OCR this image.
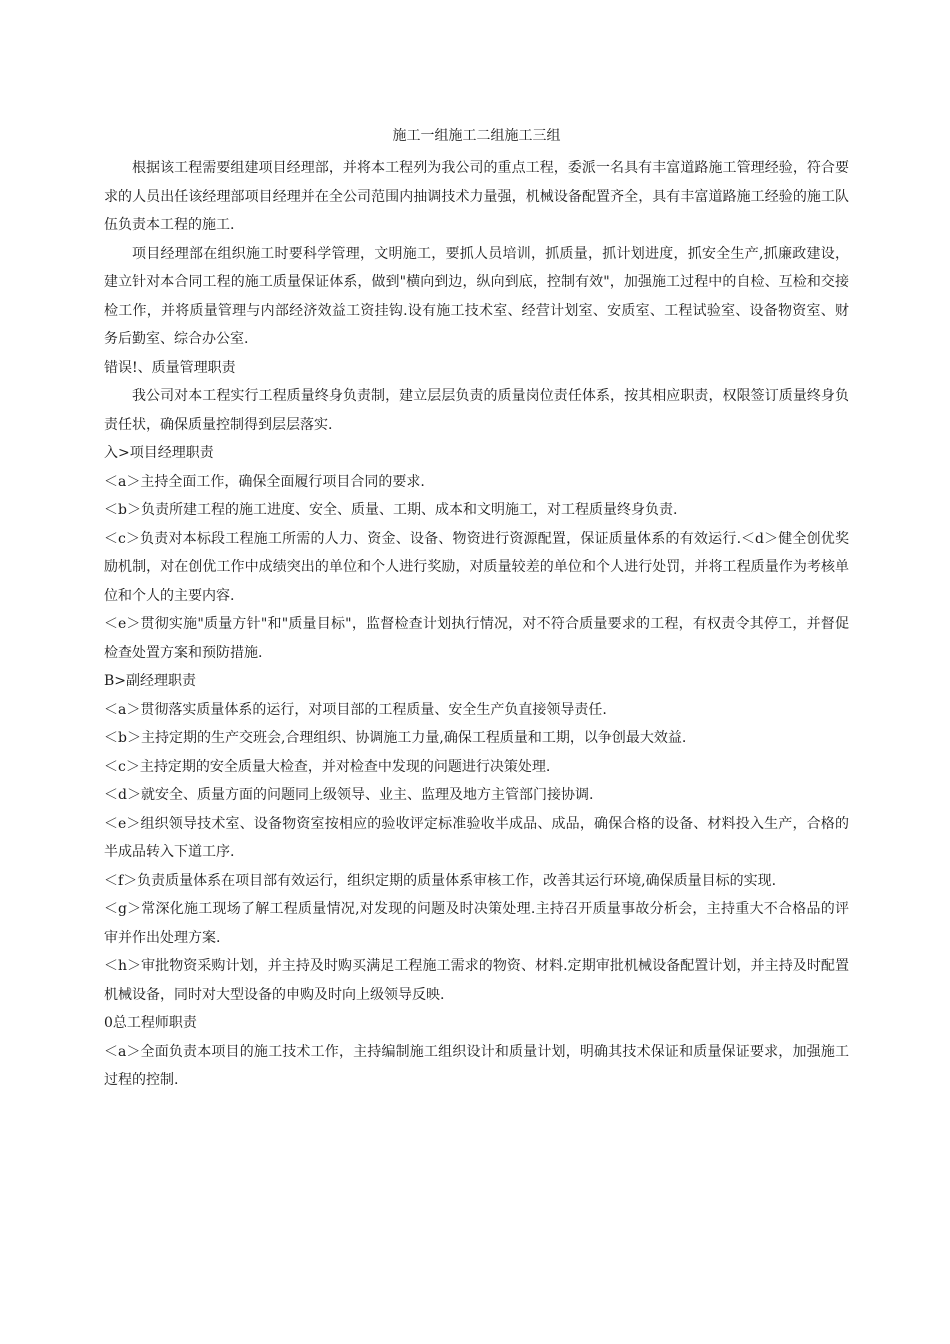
施工一组施工二组施工三组

根据该工程需要组建项目经理部，并将本工程列为我公司的重点工程，委派一名具有丰富道路施工管理经验，符合要求的人员出任该经理部项目经理并在全公司范围内抽调技术力量强，机械设备配置齐全，具有丰富道路施工经验的施工队伍负责本工程的施工.

项目经理部在组织施工时要科学管理，文明施工，要抓人员培训，抓质量，抓计划进度，抓安全生产,抓廉政建设，建立针对本合同工程的施工质量保证体系，做到"横向到边，纵向到底，控制有效"，加强施工过程中的自检、互检和交接检工作，并将质量管理与内部经济效益工资挂钩.设有施工技术室、经营计划室、安质室、工程试验室、设备物资室、财务后勤室、综合办公室.

错误!、质量管理职责

我公司对本工程实行工程质量终身负责制，建立层层负责的质量岗位责任体系，按其相应职责，权限签订质量终身负责任状，确保质量控制得到层层落实.

入>项目经理职责

＜a＞主持全面工作，确保全面履行项目合同的要求.

＜b＞负责所建工程的施工进度、安全、质量、工期、成本和文明施工，对工程质量终身负责.

＜c＞负责对本标段工程施工所需的人力、资金、设备、物资进行资源配置，保证质量体系的有效运行.＜d＞健全创优奖励机制，对在创优工作中成绩突出的单位和个人进行奖励，对质量较差的单位和个人进行处罚，并将工程质量作为考核单位和个人的主要内容.

＜e＞贯彻实施"质量方针"和"质量目标"，监督检查计划执行情况，对不符合质量要求的工程，有权责令其停工，并督促检查处置方案和预防措施.

B>副经理职责

＜a＞贯彻落实质量体系的运行，对项目部的工程质量、安全生产负直接领导责任.

＜b＞主持定期的生产交班会,合理组织、协调施工力量,确保工程质量和工期，以争创最大效益.

＜c＞主持定期的安全质量大检查，并对检查中发现的问题进行决策处理.

＜d＞就安全、质量方面的问题同上级领导、业主、监理及地方主管部门接协调.

＜e＞组织领导技术室、设备物资室按相应的验收评定标准验收半成品、成品，确保合格的设备、材料投入生产，合格的半成品转入下道工序.

＜f＞负责质量体系在项目部有效运行，组织定期的质量体系审核工作，改善其运行环境,确保质量目标的实现.

＜g＞常深化施工现场了解工程质量情况,对发现的问题及时决策处理.主持召开质量事故分析会，主持重大不合格品的评审并作出处理方案.

＜h＞审批物资采购计划，并主持及时购买满足工程施工需求的物资、材料.定期审批机械设备配置计划，并主持及时配置机械设备，同时对大型设备的申购及时向上级领导反映.

0总工程师职责

＜a＞全面负责本项目的施工技术工作，主持编制施工组织设计和质量计划，明确其技术保证和质量保证要求，加强施工过程的控制.
